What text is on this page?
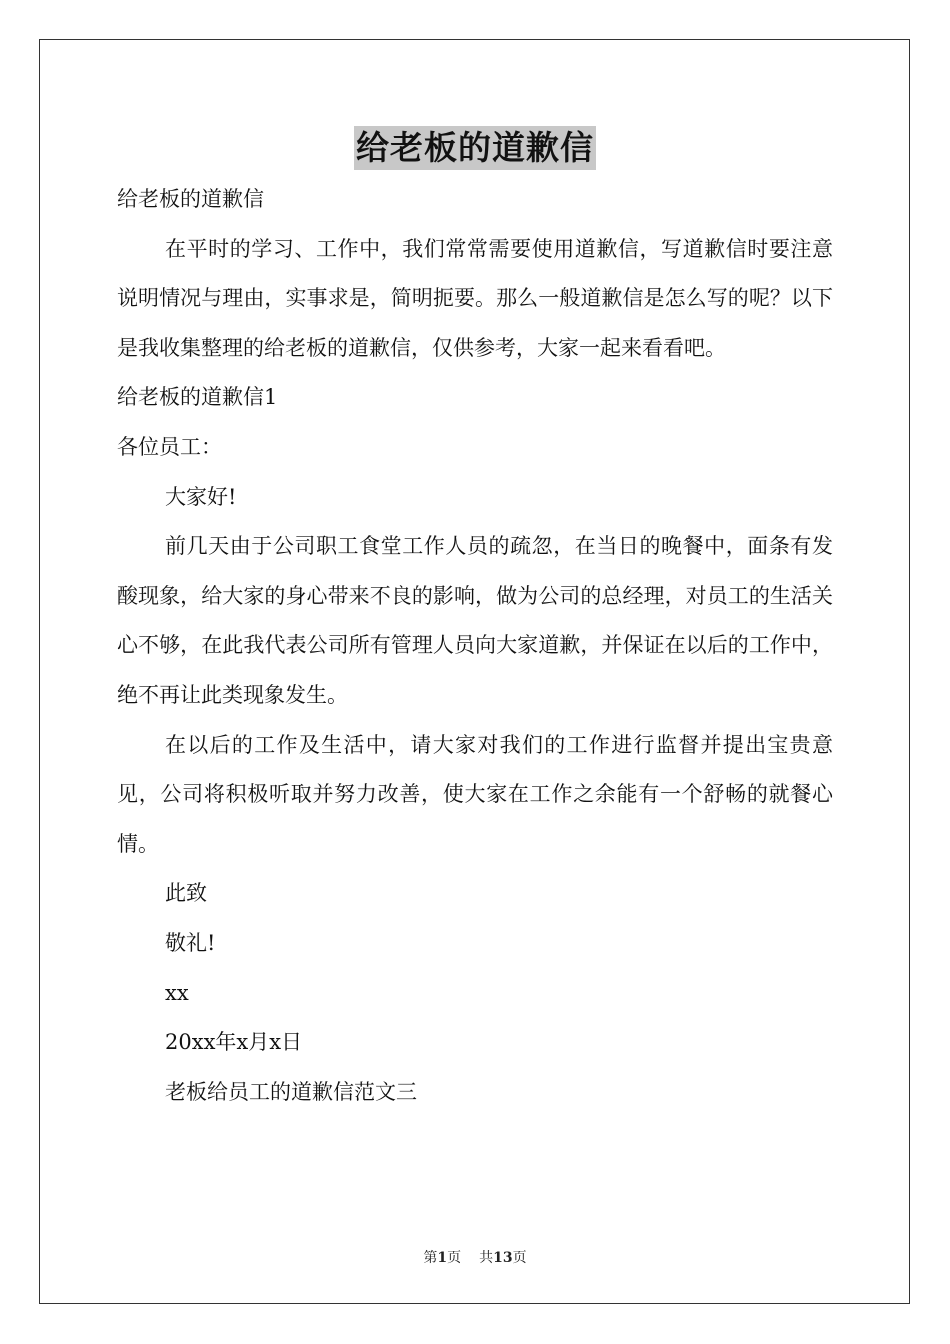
给老板的道歉信

给老板的道歉信

在平时的学习、工作中，我们常常需要使用道歉信，写道歉信时要注意说明情况与理由，实事求是，简明扼要。那么一般道歉信是怎么写的呢？以下是我收集整理的给老板的道歉信，仅供参考，大家一起来看看吧。

给老板的道歉信1

各位员工：

大家好!

前几天由于公司职工食堂工作人员的疏忽，在当日的晚餐中，面条有发酸现象，给大家的身心带来不良的影响，做为公司的总经理，对员工的生活关心不够，在此我代表公司所有管理人员向大家道歉，并保证在以后的工作中，绝不再让此类现象发生。

在以后的工作及生活中，请大家对我们的工作进行监督并提出宝贵意见，公司将积极听取并努力改善，使大家在工作之余能有一个舒畅的就餐心情。

此致

敬礼!

xx

20xx年x月x日

老板给员工的道歉信范文三

第1页 共13页
